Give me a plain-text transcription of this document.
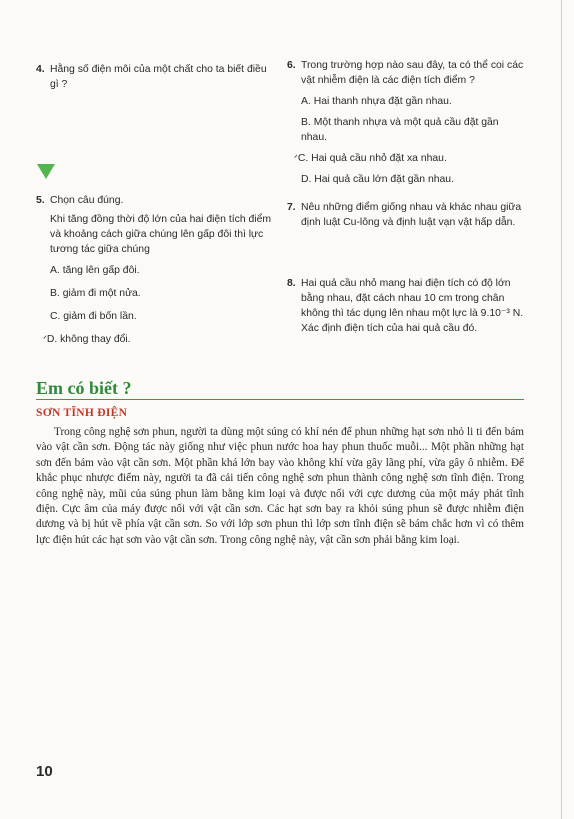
4. Hằng số điện môi của một chất cho ta biết điều gì ?
5. Chọn câu đúng.
Khi tăng đồng thời độ lớn của hai điện tích điểm và khoảng cách giữa chúng lên gấp đôi thì lực tương tác giữa chúng
A. tăng lên gấp đôi.
B. giảm đi một nửa.
C. giảm đi bốn lần.
ᐟD. không thay đổi.
6. Trong trường hợp nào sau đây, ta có thể coi các vật nhiễm điện là các điện tích điểm ?
A. Hai thanh nhựa đặt gần nhau.
B. Một thanh nhựa và một quả cầu đặt gần nhau.
ᐟC. Hai quả cầu nhỏ đặt xa nhau.
D. Hai quả cầu lớn đặt gần nhau.
7. Nêu những điểm giống nhau và khác nhau giữa định luật Cu-lông và định luật vạn vật hấp dẫn.
8. Hai quả cầu nhỏ mang hai điện tích có độ lớn bằng nhau, đặt cách nhau 10 cm trong chân không thì tác dụng lên nhau một lực là 9.10⁻³ N. Xác định điện tích của hai quả cầu đó.
Em có biết ?
SƠN TĨNH ĐIỆN
Trong công nghệ sơn phun, người ta dùng một súng có khí nén để phun những hạt sơn nhỏ li ti đến bám vào vật cần sơn. Động tác này giống như việc phun nước hoa hay phun thuốc muỗi... Một phần những hạt sơn đến bám vào vật cần sơn. Một phần khá lớn bay vào không khí vừa gây lãng phí, vừa gây ô nhiễm. Để khắc phục nhược điểm này, người ta đã cải tiến công nghệ sơn phun thành công nghệ sơn tĩnh điện. Trong công nghệ này, mũi của súng phun làm bằng kim loại và được nối với cực dương của một máy phát tĩnh điện. Cực âm của máy được nối với vật cần sơn. Các hạt sơn bay ra khỏi súng phun sẽ được nhiễm điện dương và bị hút về phía vật cần sơn. So với lớp sơn phun thì lớp sơn tĩnh điện sẽ bám chắc hơn vì có thêm lực điện hút các hạt sơn vào vật cần sơn. Trong công nghệ này, vật cần sơn phải bằng kim loại.
10
